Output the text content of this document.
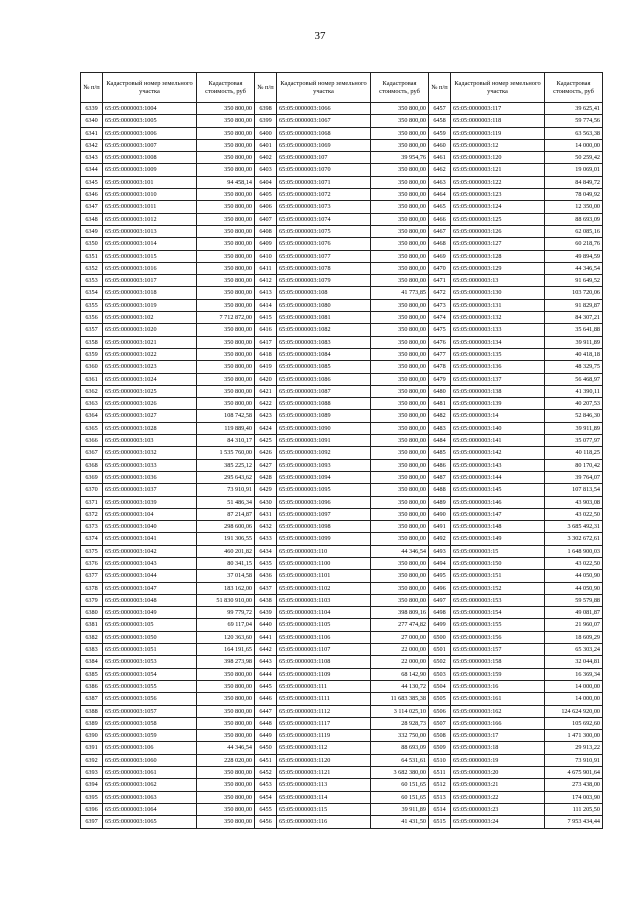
37
№ п/п	Кадастровый номер земельного участка	Кадастровая стоимость, руб
6339	65:05:0000003:1004	350 800,00
6340	65:05:0000003:1005	350 800,00
6341	65:05:0000003:1006	350 800,00
6342	65:05:0000003:1007	350 800,00
6343	65:05:0000003:1008	350 800,00
6344	65:05:0000003:1009	350 800,00
6345	65:05:0000003:101	94 458,14
6346	65:05:0000003:1010	350 800,00
6347	65:05:0000003:1011	350 800,00
6348	65:05:0000003:1012	350 800,00
6349	65:05:0000003:1013	350 800,00
6350	65:05:0000003:1014	350 800,00
6351	65:05:0000003:1015	350 800,00
6352	65:05:0000003:1016	350 800,00
6353	65:05:0000003:1017	350 800,00
6354	65:05:0000003:1018	350 800,00
6355	65:05:0000003:1019	350 800,00
6356	65:05:0000003:102	7 712 872,00
6357	65:05:0000003:1020	350 800,00
6358	65:05:0000003:1021	350 800,00
6359	65:05:0000003:1022	350 800,00
6360	65:05:0000003:1023	350 800,00
6361	65:05:0000003:1024	350 800,00
6362	65:05:0000003:1025	350 800,00
6363	65:05:0000003:1026	350 800,00
6364	65:05:0000003:1027	108 742,58
6365	65:05:0000003:1028	119 889,40
6366	65:05:0000003:103	84 310,17
6367	65:05:0000003:1032	1 535 760,00
6368	65:05:0000003:1033	385 225,12
6369	65:05:0000003:1036	295 643,62
6370	65:05:0000003:1037	73 910,91
6371	65:05:0000003:1039	51 486,34
6372	65:05:0000003:104	87 214,87
6373	65:05:0000003:1040	298 600,06
6374	65:05:0000003:1041	191 306,55
6375	65:05:0000003:1042	460 201,82
6376	65:05:0000003:1043	80 341,15
6377	65:05:0000003:1044	37 014,58
6378	65:05:0000003:1047	183 162,00
6379	65:05:0000003:1048	51 830 910,00
6380	65:05:0000003:1049	99 779,72
6381	65:05:0000003:105	69 117,04
6382	65:05:0000003:1050	120 363,60
6383	65:05:0000003:1051	164 191,65
6384	65:05:0000003:1053	398 273,98
6385	65:05:0000003:1054	350 800,00
6386	65:05:0000003:1055	350 800,00
6387	65:05:0000003:1056	350 800,00
6388	65:05:0000003:1057	350 800,00
6389	65:05:0000003:1058	350 800,00
6390	65:05:0000003:1059	350 800,00
6391	65:05:0000003:106	44 346,54
6392	65:05:0000003:1060	228 020,00
6393	65:05:0000003:1061	350 800,00
6394	65:05:0000003:1062	350 800,00
6395	65:05:0000003:1063	350 800,00
6396	65:05:0000003:1064	350 800,00
6397	65:05:0000003:1065	350 800,00
№ п/п	Кадастровый номер земельного участка	Кадастровая стоимость, руб
6398	65:05:0000003:1066	350 800,00
6399	65:05:0000003:1067	350 800,00
6400	65:05:0000003:1068	350 800,00
6401	65:05:0000003:1069	350 800,00
6402	65:05:0000003:107	39 954,76
6403	65:05:0000003:1070	350 800,00
6404	65:05:0000003:1071	350 800,00
6405	65:05:0000003:1072	350 800,00
6406	65:05:0000003:1073	350 800,00
6407	65:05:0000003:1074	350 800,00
6408	65:05:0000003:1075	350 800,00
6409	65:05:0000003:1076	350 800,00
6410	65:05:0000003:1077	350 800,00
6411	65:05:0000003:1078	350 800,00
6412	65:05:0000003:1079	350 800,00
6413	65:05:0000003:108	41 773,85
6414	65:05:0000003:1080	350 800,00
6415	65:05:0000003:1081	350 800,00
6416	65:05:0000003:1082	350 800,00
6417	65:05:0000003:1083	350 800,00
6418	65:05:0000003:1084	350 800,00
6419	65:05:0000003:1085	350 800,00
6420	65:05:0000003:1086	350 800,00
6421	65:05:0000003:1087	350 800,00
6422	65:05:0000003:1088	350 800,00
6423	65:05:0000003:1089	350 800,00
6424	65:05:0000003:1090	350 800,00
6425	65:05:0000003:1091	350 800,00
6426	65:05:0000003:1092	350 800,00
6427	65:05:0000003:1093	350 800,00
6428	65:05:0000003:1094	350 800,00
6429	65:05:0000003:1095	350 800,00
6430	65:05:0000003:1096	350 800,00
6431	65:05:0000003:1097	350 800,00
6432	65:05:0000003:1098	350 800,00
6433	65:05:0000003:1099	350 800,00
6434	65:05:0000003:110	44 346,54
6435	65:05:0000003:1100	350 800,00
6436	65:05:0000003:1101	350 800,00
6437	65:05:0000003:1102	350 800,00
6438	65:05:0000003:1103	350 800,00
6439	65:05:0000003:1104	398 809,16
6440	65:05:0000003:1105	277 474,82
6441	65:05:0000003:1106	27 000,00
6442	65:05:0000003:1107	22 000,00
6443	65:05:0000003:1108	22 000,00
6444	65:05:0000003:1109	68 142,90
6445	65:05:0000003:111	44 130,72
6446	65:05:0000003:1111	11 683 385,38
6447	65:05:0000003:1112	3 114 025,10
6448	65:05:0000003:1117	28 928,73
6449	65:05:0000003:1119	332 750,00
6450	65:05:0000003:112	88 693,09
6451	65:05:0000003:1120	64 531,61
6452	65:05:0000003:1121	3 682 380,00
6453	65:05:0000003:113	60 151,65
6454	65:05:0000003:114	60 151,65
6455	65:05:0000003:115	39 911,89
6456	65:05:0000003:116	41 431,50
№ п/п	Кадастровый номер земельного участка	Кадастровая стоимость, руб
6457	65:05:0000003:117	39 625,41
6458	65:05:0000003:118	59 774,56
6459	65:05:0000003:119	63 563,38
6460	65:05:0000003:12	14 000,00
6461	65:05:0000003:120	50 259,42
6462	65:05:0000003:121	19 069,01
6463	65:05:0000003:122	84 849,72
6464	65:05:0000003:123	78 049,92
6465	65:05:0000003:124	12 350,00
6466	65:05:0000003:125	88 693,09
6467	65:05:0000003:126	62 085,16
6468	65:05:0000003:127	60 218,76
6469	65:05:0000003:128	49 894,59
6470	65:05:0000003:129	44 346,54
6471	65:05:0000003:13	91 649,52
6472	65:05:0000003:130	103 720,06
6473	65:05:0000003:131	91 829,87
6474	65:05:0000003:132	84 307,21
6475	65:05:0000003:133	35 641,88
6476	65:05:0000003:134	39 911,89
6477	65:05:0000003:135	40 418,18
6478	65:05:0000003:136	48 329,75
6479	65:05:0000003:137	56 468,97
6480	65:05:0000003:138	41 390,11
6481	65:05:0000003:139	40 207,53
6482	65:05:0000003:14	52 846,30
6483	65:05:0000003:140	39 911,89
6484	65:05:0000003:141	35 077,97
6485	65:05:0000003:142	40 118,25
6486	65:05:0000003:143	80 170,42
6487	65:05:0000003:144	39 764,07
6488	65:05:0000003:145	107 813,54
6489	65:05:0000003:146	43 903,08
6490	65:05:0000003:147	43 022,50
6491	65:05:0000003:148	3 685 492,31
6492	65:05:0000003:149	3 302 672,61
6493	65:05:0000003:15	1 648 900,03
6494	65:05:0000003:150	43 022,50
6495	65:05:0000003:151	44 050,90
6496	65:05:0000003:152	44 050,90
6497	65:05:0000003:153	59 579,88
6498	65:05:0000003:154	49 081,87
6499	65:05:0000003:155	21 960,07
6500	65:05:0000003:156	18 609,29
6501	65:05:0000003:157	65 303,24
6502	65:05:0000003:158	32 044,81
6503	65:05:0000003:159	16 369,34
6504	65:05:0000003:16	14 000,00
6505	65:05:0000003:161	14 000,00
6506	65:05:0000003:162	124 624 920,00
6507	65:05:0000003:166	105 692,60
6508	65:05:0000003:17	1 471 300,00
6509	65:05:0000003:18	29 913,22
6510	65:05:0000003:19	73 910,91
6511	65:05:0000003:20	4 675 901,64
6512	65:05:0000003:21	273 438,00
6513	65:05:0000003:22	174 003,90
6514	65:05:0000003:23	111 205,50
6515	65:05:0000003:24	7 953 434,44
